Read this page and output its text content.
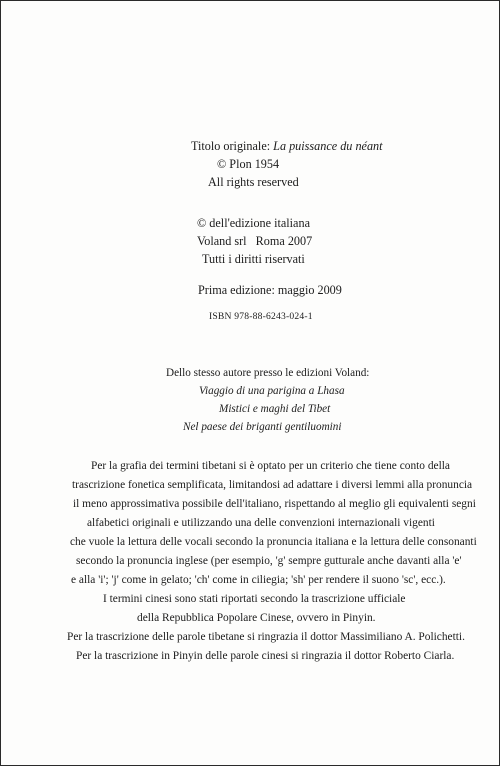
Titolo originale: La puissance du néant
© Plon 1954
All rights reserved
© dell'edizione italiana
Voland srl   Roma 2007
Tutti i diritti riservati
Prima edizione: maggio 2009
ISBN 978-88-6243-024-1
Dello stesso autore presso le edizioni Voland:
Viaggio di una parigina a Lhasa
Mistici e maghi del Tibet
Nel paese dei briganti gentiluomini
Per la grafia dei termini tibetani si è optato per un criterio che tiene conto della
trascrizione fonetica semplificata, limitandosi ad adattare i diversi lemmi alla pronuncia
il meno approssimativa possibile dell'italiano, rispettando al meglio gli equivalenti segni
alfabetici originali e utilizzando una delle convenzioni internazionali vigenti
che vuole la lettura delle vocali secondo la pronuncia italiana e la lettura delle consonanti
secondo la pronuncia inglese (per esempio, 'g' sempre gutturale anche davanti alla 'e'
e alla 'i'; 'j' come in gelato; 'ch' come in ciliegia; 'sh' per rendere il suono 'sc', ecc.).
I termini cinesi sono stati riportati secondo la trascrizione ufficiale
della Repubblica Popolare Cinese, ovvero in Pinyin.
Per la trascrizione delle parole tibetane si ringrazia il dottor Massimiliano A. Polichetti.
Per la trascrizione in Pinyin delle parole cinesi si ringrazia il dottor Roberto Ciarla.
